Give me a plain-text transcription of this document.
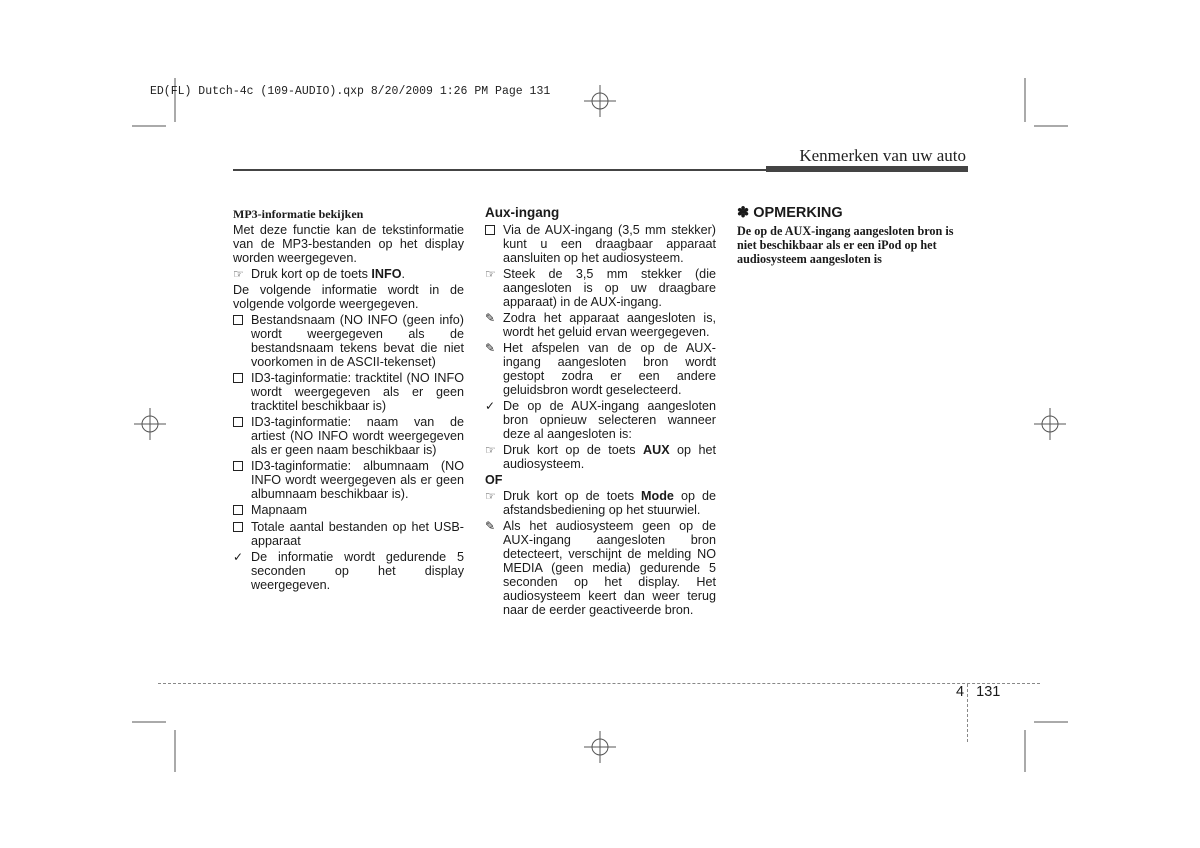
ED(FL) Dutch-4c (109-AUDIO).qxp 8/20/2009 1:26 PM Page 131
Kenmerken van uw auto
MP3-informatie bekijken

Met deze functie kan de tekstinformatie van de MP3-bestanden op het display worden weergegeven.

☞ Druk kort op de toets INFO.

De volgende informatie wordt in de volgende volgorde weergegeven.

Bestandsnaam (NO INFO (geen info) wordt weergegeven als de bestandsnaam tekens bevat die niet voorkomen in de ASCII-tekenset)
ID3-taginformatie: tracktitel (NO INFO wordt weergegeven als er geen tracktitel beschikbaar is)
ID3-taginformatie: naam van de artiest (NO INFO wordt weergegeven als er geen naam beschikbaar is)
ID3-taginformatie: albumnaam (NO INFO wordt weergegeven als er geen albumnaam beschikbaar is).
Mapnaam
Totale aantal bestanden op het USB-apparaat
✓ De informatie wordt gedurende 5 seconden op het display weergegeven.
Aux-ingang
Via de AUX-ingang (3,5 mm stekker) kunt u een draagbaar apparaat aansluiten op het audiosysteem.
☞ Steek de 3,5 mm stekker (die aangesloten is op uw draagbare apparaat) in de AUX-ingang.
✎ Zodra het apparaat aangesloten is, wordt het geluid ervan weergegeven.
✎ Het afspelen van de op de AUX-ingang aangesloten bron wordt gestopt zodra er een andere geluidsbron wordt geselecteerd.
✓ De op de AUX-ingang aangesloten bron opnieuw selecteren wanneer deze al aangesloten is:
☞ Druk kort op de toets AUX op het audiosysteem.
OF
☞ Druk kort op de toets Mode op de afstandsbediening op het stuurwiel.
✎ Als het audiosysteem geen op de AUX-ingang aangesloten bron detecteert, verschijnt de melding NO MEDIA (geen media) gedurende 5 seconden op het display. Het audiosysteem keert dan weer terug naar de eerder geactiveerde bron.
✽ OPMERKING
De op de AUX-ingang aangesloten bron is niet beschikbaar als er een iPod op het audiosysteem aangesloten is
4 131
